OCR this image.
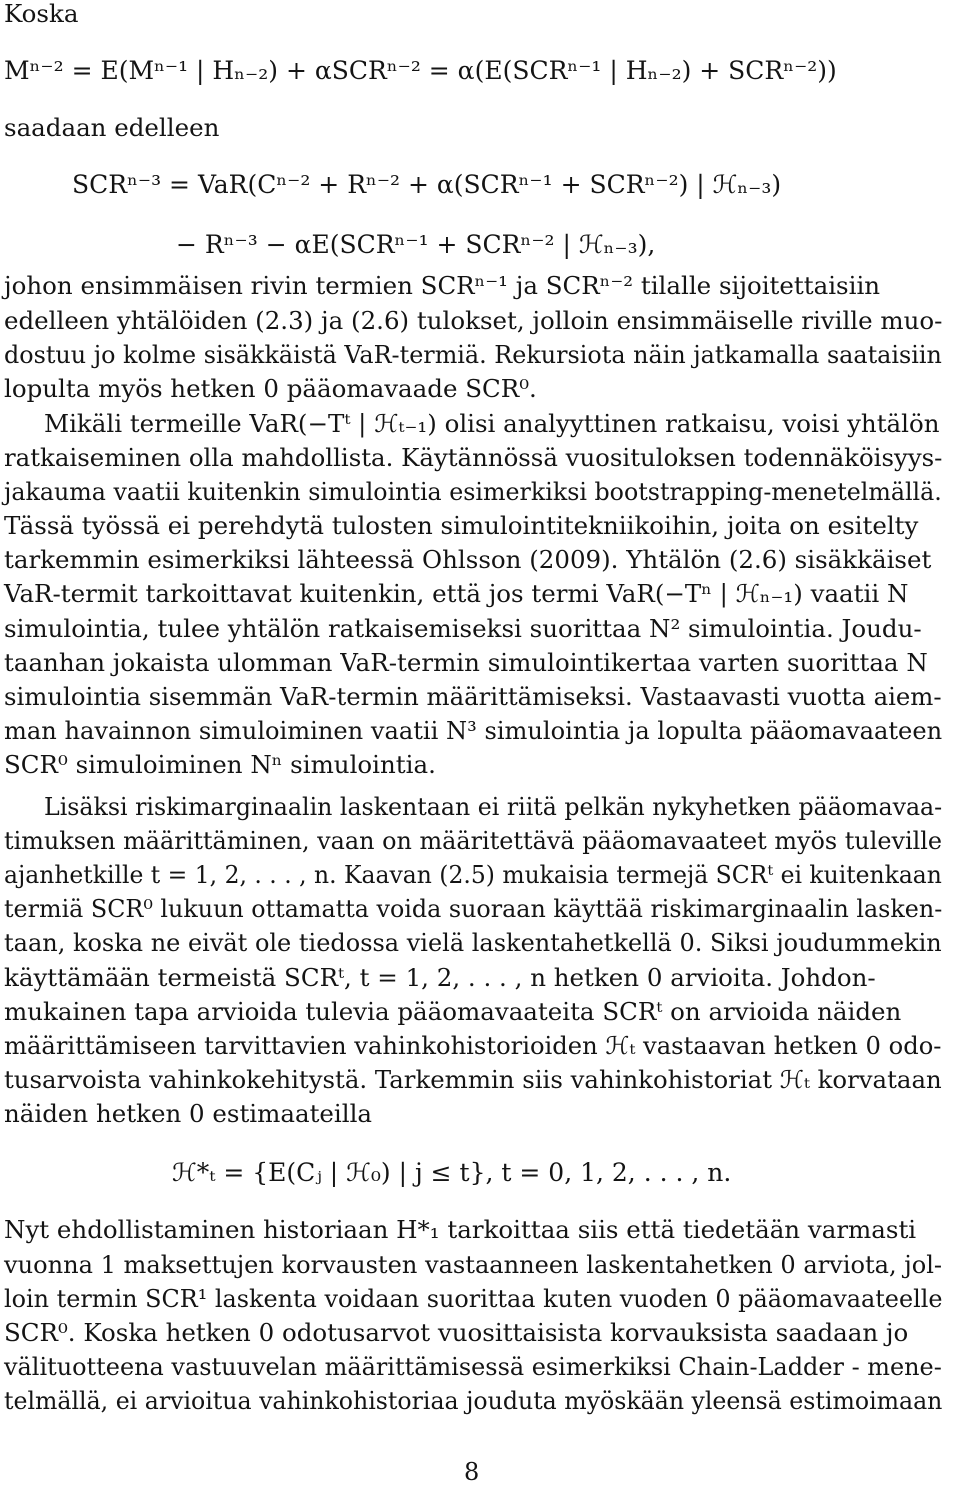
Koska
Mⁿ⁻² = E(Mⁿ⁻¹ | Hₙ₋₂) + αSCRⁿ⁻² = α(E(SCRⁿ⁻¹ | Hₙ₋₂) + SCRⁿ⁻²))
saadaan edelleen
SCRⁿ⁻³ = VaR(Cⁿ⁻² + Rⁿ⁻² + α(SCRⁿ⁻¹ + SCRⁿ⁻²) | ℋₙ₋₃)
− Rⁿ⁻³ − αE(SCRⁿ⁻¹ + SCRⁿ⁻² | ℋₙ₋₃),
johon ensimmäisen rivin termien SCRⁿ⁻¹ ja SCRⁿ⁻² tilalle sijoitettaisiin
edelleen yhtälöiden (2.3) ja (2.6) tulokset, jolloin ensimmäiselle riville muo-
dostuu jo kolme sisäkkäistä VaR-termiä. Rekursiota näin jatkamalla saataisiin
lopulta myös hetken 0 pääomavaade SCR⁰.
Mikäli termeille VaR(−Tᵗ | ℋₜ₋₁) olisi analyyttinen ratkaisu, voisi yhtälön
ratkaiseminen olla mahdollista. Käytännössä vuosituloksen todennäköisyys-
jakauma vaatii kuitenkin simulointia esimerkiksi bootstrapping-menetelmällä.
Tässä työssä ei perehdytä tulosten simulointitekniikoihin, joita on esitelty
tarkemmin esimerkiksi lähteessä Ohlsson (2009). Yhtälön (2.6) sisäkkäiset
VaR-termit tarkoittavat kuitenkin, että jos termi VaR(−Tⁿ | ℋₙ₋₁) vaatii N
simulointia, tulee yhtälön ratkaisemiseksi suorittaa N² simulointia. Joudu-
taanhan jokaista ulomman VaR-termin simulointikertaa varten suorittaa N
simulointia sisemmän VaR-termin määrittämiseksi. Vastaavasti vuotta aiem-
man havainnon simuloiminen vaatii N³ simulointia ja lopulta pääomavaateen
SCR⁰ simuloiminen Nⁿ simulointia.
Lisäksi riskimarginaalin laskentaan ei riitä pelkän nykyhetken pääomavaa-
timuksen määrittäminen, vaan on määritettävä pääomavaateet myös tuleville
ajanhetkille t = 1, 2, . . . , n. Kaavan (2.5) mukaisia termejä SCRᵗ ei kuitenkaan
termiä SCR⁰ lukuun ottamatta voida suoraan käyttää riskimarginaalin lasken-
taan, koska ne eivät ole tiedossa vielä laskentahetkellä 0. Siksi joudummekin
käyttämään termeistä SCRᵗ, t = 1, 2, . . . , n hetken 0 arvioita. Johdon-
mukainen tapa arvioida tulevia pääomavaateita SCRᵗ on arvioida näiden
määrittämiseen tarvittavien vahinkohistorioiden ℋₜ vastaavan hetken 0 odo-
tusarvoista vahinkokehitystä. Tarkemmin siis vahinkohistoriat ℋₜ korvataan
näiden hetken 0 estimaateilla
ℋ*ₜ = {E(Cⱼ | ℋ₀) | j ≤ t}, t = 0, 1, 2, . . . , n.
Nyt ehdollistaminen historiaan H*₁ tarkoittaa siis että tiedetään varmasti
vuonna 1 maksettujen korvausten vastaanneen laskentahetken 0 arviota, jol-
loin termin SCR¹ laskenta voidaan suorittaa kuten vuoden 0 pääomavaateelle
SCR⁰. Koska hetken 0 odotusarvot vuosittaisista korvauksista saadaan jo
välituotteena vastuuvelan määrittämisessä esimerkiksi Chain-Ladder - mene-
telmällä, ei arvioitua vahinkohistoriaa jouduta myöskään yleensä estimoimaan
8
